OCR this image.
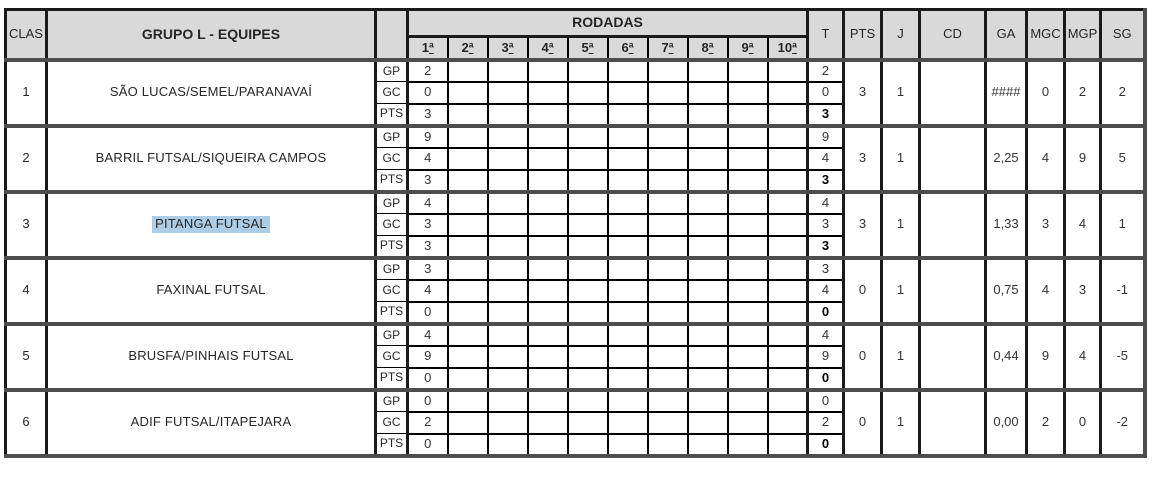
CLAS	GRUPO L - EQUIPES		RODADAS										T	PTS	J	CD	GA	MGC	MGP	SG
			1ª	2ª	3ª	4ª	5ª	6ª	7ª	8ª	9ª	10ª								
1	SÃO LUCAS/SEMEL/PARANAVAÍ	GP	2										2	3	1		####	0	2	2
		GC	0										0							
		PTS	3										3							
2	BARRIL FUTSAL/SIQUEIRA CAMPOS	GP	9										9	3	1		2,25	4	9	5
		GC	4										4							
		PTS	3										3							
3	PITANGA FUTSAL	GP	4										4	3	1		1,33	3	4	1
		GC	3										3							
		PTS	3										3							
4	FAXINAL FUTSAL	GP	3										3	0	1		0,75	4	3	-1
		GC	4										4							
		PTS	0										0							
5	BRUSFA/PINHAIS FUTSAL	GP	4										4	0	1		0,44	9	4	-5
		GC	9										9							
		PTS	0										0							
6	ADIF FUTSAL/ITAPEJARA	GP	0										0	0	1		0,00	2	0	-2
		GC	2										2							
		PTS	0										0							
